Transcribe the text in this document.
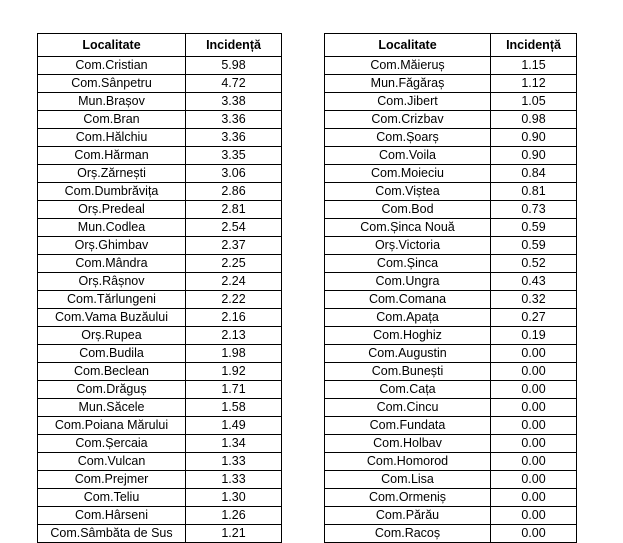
Localitate	Incidență
Com.Cristian	5.98
Com.Sânpetru	4.72
Mun.Brașov	3.38
Com.Bran	3.36
Com.Hălchiu	3.36
Com.Hărman	3.35
Orș.Zărnești	3.06
Com.Dumbrăvița	2.86
Orș.Predeal	2.81
Mun.Codlea	2.54
Orș.Ghimbav	2.37
Com.Mândra	2.25
Orș.Râșnov	2.24
Com.Tărlungeni	2.22
Com.Vama Buzăului	2.16
Orș.Rupea	2.13
Com.Budila	1.98
Com.Beclean	1.92
Com.Drăguș	1.71
Mun.Săcele	1.58
Com.Poiana Mărului	1.49
Com.Șercaia	1.34
Com.Vulcan	1.33
Com.Prejmer	1.33
Com.Teliu	1.30
Com.Hârseni	1.26
Com.Sâmbăta de Sus	1.21
Localitate	Incidență
Com.Măieruș	1.15
Mun.Făgăraș	1.12
Com.Jibert	1.05
Com.Crizbav	0.98
Com.Șoarș	0.90
Com.Voila	0.90
Com.Moieciu	0.84
Com.Viștea	0.81
Com.Bod	0.73
Com.Șinca Nouă	0.59
Orș.Victoria	0.59
Com.Șinca	0.52
Com.Ungra	0.43
Com.Comana	0.32
Com.Apața	0.27
Com.Hoghiz	0.19
Com.Augustin	0.00
Com.Bunești	0.00
Com.Cața	0.00
Com.Cincu	0.00
Com.Fundata	0.00
Com.Holbav	0.00
Com.Homorod	0.00
Com.Lisa	0.00
Com.Ormeniș	0.00
Com.Părău	0.00
Com.Racoș	0.00
